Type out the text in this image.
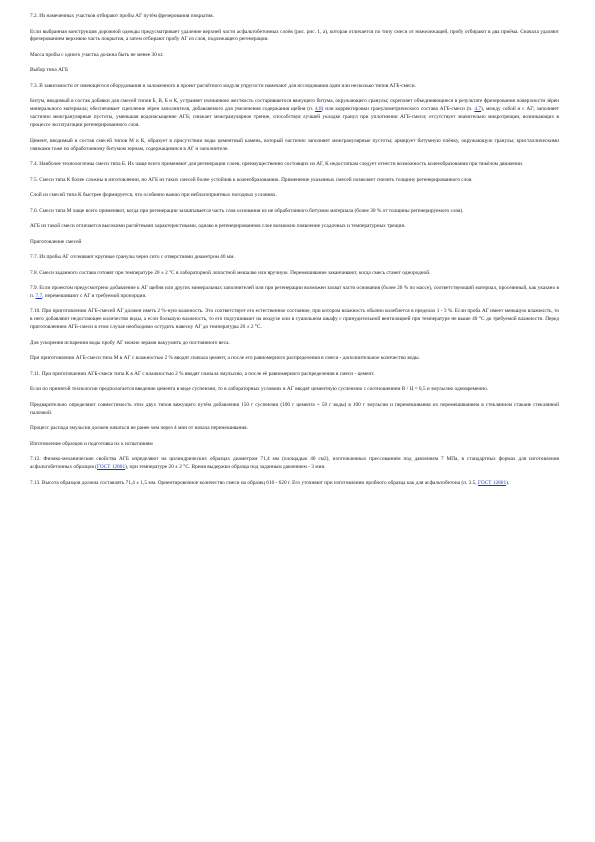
7.2. Из намеченных участков отбирают пробы АГ путём фрезерования покрытия.
Если выбранная конструкция дорожной одежды предусматривает удаление верхней части асфальтобетонных слоёв (рис. рис. 1, а), которая отличается по типу смеси от нижележащей, пробу отбирают в два приёма. Сначала удаляют фрезерованием верхнюю часть покрытия, а затем отбирают пробу АГ из слоя, подлежащего регенерации.
Масса пробы с одного участка должна быть не менее 30 кг.
Выбор типа АГБ
7.3. В зависимости от имеющегося оборудования и заложенного в проект расчётного модуля упругости намечают для исследования один или несколько типов АГБ-смеси.
Битум, вводимый в состав добавки для смесей типов Б, В, Б и К, устраняет излишнюю жесткость состарившегося вяжущего битума, окружающего гранулы; скрепляет объединяющиеся в результате фрезерования поверхности зёрен минерального материала; обеспечивает сцепление зёрен заполнителя, добавляемого для увеличения содержания щебня (п. 4.8) или корректировки гранулометрического состава АГБ-смеси (п. 4.7), между собой и с АГ; заполняет частично межгранулярные пустоты, уменьшая водонасыщение АГБ; снижает межгранулярное трение, способствуя лучшей укладке гранул при уплотнении АГБ-смеси; отсутствует значительно микротрещин, возникающих в процессе эксплуатации регенерированного слоя.
Цемент, вводимый в состав смесей типов М и К, образует в присутствии воды цементный камень, который частично заполняет межгранулярные пустоты; армирует битумную плёнку, окружающую гранулы; кристаллическими связками тоже по обработанному битумом зернам, содержащимися в АГ и заполнителе.
7.4. Наиболее технологичны смеси типа Б. Их чаще всего применяют для регенерации слоев, преимущественно состоящих из АГ, К недостаткам следует отнести возможность колееобразования при тяжёлом движении.
7.5. Смеси типа К более сложны в изготовлении, но АГБ из таких смесей более устойчив к колееобразованию. Применение указанных смесей позволяет снизить толщину регенерированного слоя.
Слой из смесей типа К быстрее формируется, что особенно важно при неблагоприятных погодных условиях.
7.6. Смеси типа М чаще всего применяют, когда при регенерации захватывается часть слоя основания из не обработанного битумом материала (более 30 % от толщины регенерируемого слоя).
АГБ из такой смеси отличается высокими расчётными характеристиками, однако в регенерированном слое возможно появление усадочных и температурных трещин.
Приготовление смесей
7.7. Из пробы АГ отсеивают крупные гранулы через сито с отверстиями диаметром 40 мм.
7.8. Смеси заданного состава готовят при температуре 20 ± 2 °С в лабораторной лопастной мешалке или вручную. Перемешивание заканчивают, когда смесь станет однородной.
7.9. Если проектом предусмотрено добавление к АГ щебня или других минеральных заполнителей или при регенерации возможен захват части основания (более 20 % по массе), соответствующий материал, просеянный, как указано в п. 7.7, перемешивают с АГ в требуемой пропорции.
7.10. При приготовлении АГБ-смесей АГ должен иметь 2 %-ную влажность. Это соответствует его естественное состояние, при котором влажность обычно колеблется в пределах 1 - 3 %. Если проба АГ имеет меньшую влажность, то в него добавляют недостающее количество воды, а если большую влажность, то его подсушивают на воздухе или в сушильном шкафу с принудительной вентиляцией при температуре не выше 40 °С до требуемой влажности. Перед приготовлением АГБ-смеси в этом случае необходимо остудить навеску АГ до температуры 20 ± 2 °С.
Для ускорения испарения воды пробу АГ можно зерами вакуумить до постоянного веса.
При приготовлении АГБ-смеси типа М в АГ с влажностью 2 % вводят сначала цемент, а после его равномерного распределения в смеси - дополнительное количество воды.
7.11. При приготовлении АГБ-смеси типа К в АГ с влажностью 2 % вводят сначала эмульсию, а после её равномерного распределения в смеси - цемент.
Если по принятой технологии предполагается введение цемента в виде суспензии, то в лабораторных условиях в АГ вводят цементную суспензию с соотношением В / Ц = 0,5 и эмульсию одновременно.
Предварительно определяют совместимость этих двух типов вяжущего путём добавления 150 г суспензии (100 г цемента + 50 г воды) в 100 г эмульсии и перемешивания их перемешиванием в стеклянном стакане стеклянной палочкой.
Процесс распада эмульсии должен начаться не ранее чем через 4 мин от начала перемешивания.
Изготовление образцов и подготовка их к испытаниям
7.12. Физико-механические свойства АГБ определяют на цилиндрических образцах диаметром 71,4 мм (площадью 40 см2), изготовленных прессованием под давлением 7 МПа, в стандартных формах для изготовления асфальтобетонных образцов (ГОСТ 12801), при температуре 20 ± 2 °С. Время выдержки образца под заданным давлением - 3 мин.
7.13. Высота образцов должна составлять 71,4 ± 1,5 мм. Ориентировочное количество смеси на образец 610 - 620 г. Его уточняют при изготовлении пробного образца как для асфальтобетона (п. 3.5, ГОСТ 12801).
